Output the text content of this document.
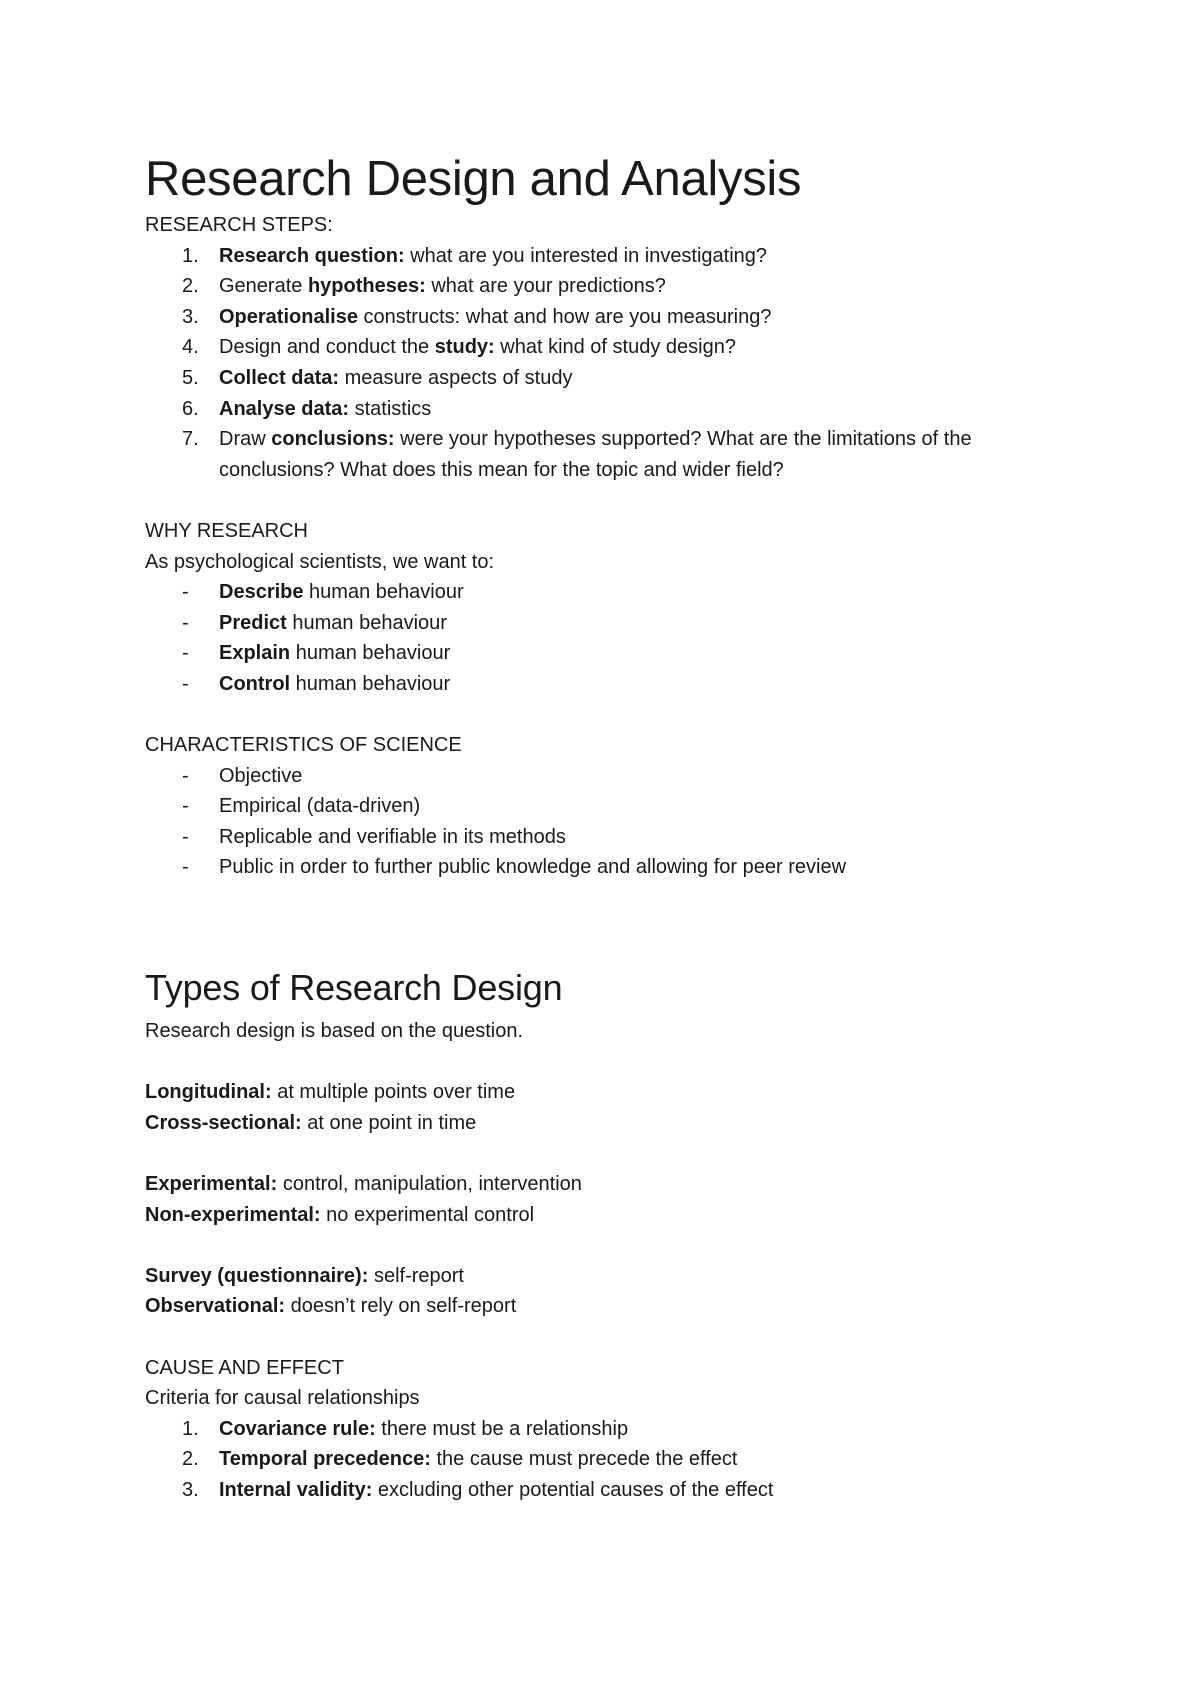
Research Design and Analysis

RESEARCH STEPS:

1. Research question: what are you interested in investigating?
2. Generate hypotheses: what are your predictions?
3. Operationalise constructs: what and how are you measuring?
4. Design and conduct the study: what kind of study design?
5. Collect data: measure aspects of study
6. Analyse data: statistics
7. Draw conclusions: were your hypotheses supported? What are the limitations of the conclusions? What does this mean for the topic and wider field?

WHY RESEARCH

As psychological scientists, we want to:

- Describe human behaviour
- Predict human behaviour
- Explain human behaviour
- Control human behaviour

CHARACTERISTICS OF SCIENCE

- Objective
- Empirical (data-driven)
- Replicable and verifiable in its methods
- Public in order to further public knowledge and allowing for peer review
Types of Research Design

Research design is based on the question.

Longitudinal: at multiple points over time

Cross-sectional: at one point in time

Experimental: control, manipulation, intervention

Non-experimental: no experimental control

Survey (questionnaire): self-report

Observational: doesn’t rely on self-report

CAUSE AND EFFECT

Criteria for causal relationships

1. Covariance rule: there must be a relationship
2. Temporal precedence: the cause must precede the effect
3. Internal validity: excluding other potential causes of the effect
